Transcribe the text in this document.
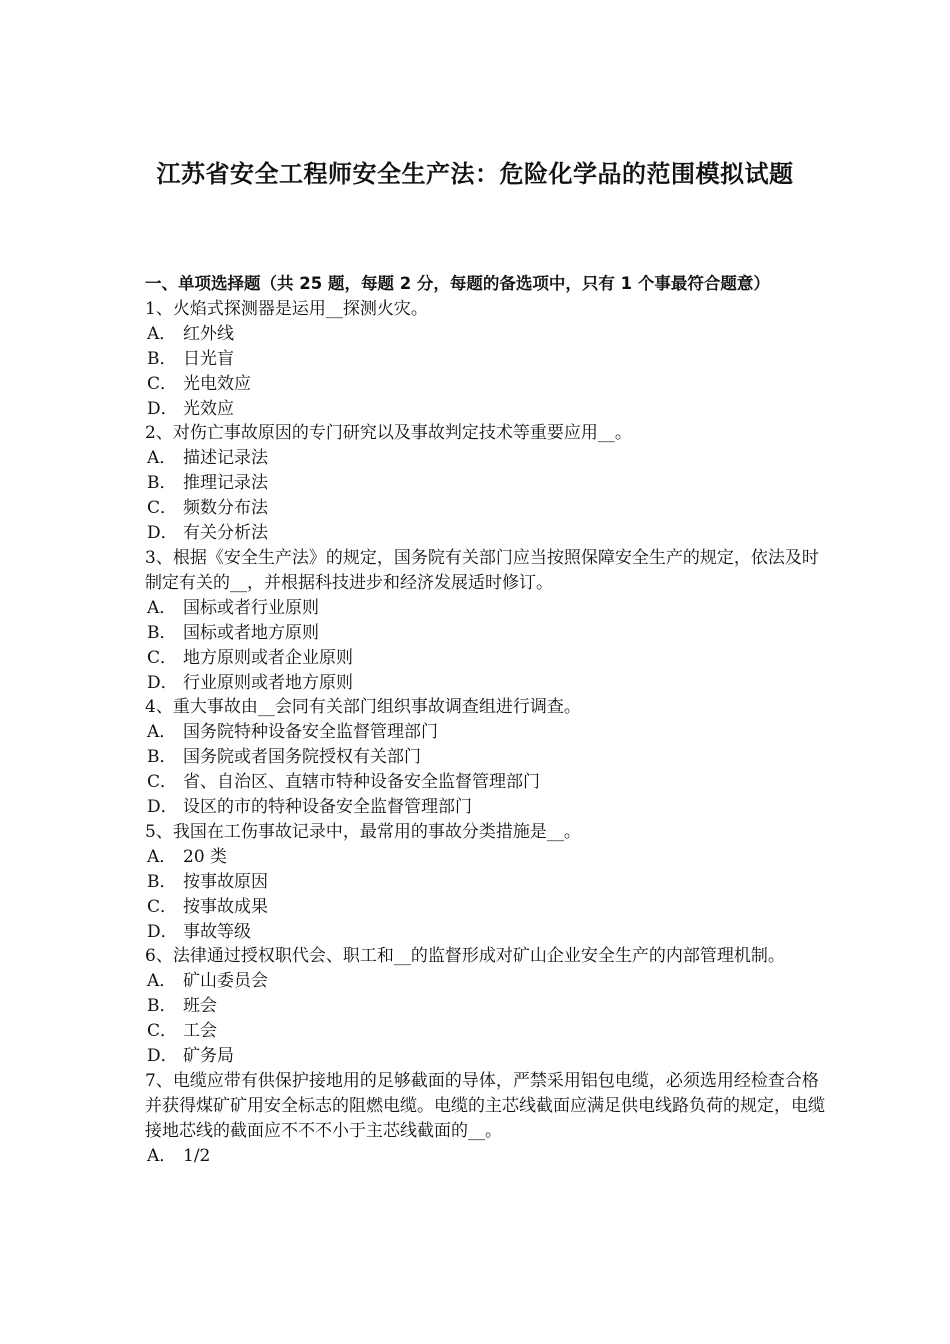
江苏省安全工程师安全生产法：危险化学品的范围模拟试题
一、单项选择题（共 25 题，每题 2 分，每题的备选项中，只有 1 个事最符合题意）

1、火焰式探测器是运用__探测火灾。

A． 红外线

B． 日光盲

C． 光电效应

D． 光效应

2、对伤亡事故原因的专门研究以及事故判定技术等重要应用__。

A． 描述记录法

B． 推理记录法

C． 频数分布法

D． 有关分析法

3、根据《安全生产法》的规定，国务院有关部门应当按照保障安全生产的规定，依法及时制定有关的__，并根据科技进步和经济发展适时修订。

A． 国标或者行业原则

B． 国标或者地方原则

C． 地方原则或者企业原则

D． 行业原则或者地方原则

4、重大事故由__会同有关部门组织事故调查组进行调查。

A． 国务院特种设备安全监督管理部门

B． 国务院或者国务院授权有关部门

C． 省、自治区、直辖市特种设备安全监督管理部门

D． 设区的市的特种设备安全监督管理部门

5、我国在工伤事故记录中，最常用的事故分类措施是__。

A． 20 类

B． 按事故原因

C． 按事故成果

D． 事故等级

6、法律通过授权职代会、职工和__的监督形成对矿山企业安全生产的内部管理机制。

A． 矿山委员会

B． 班会

C． 工会

D． 矿务局

7、电缆应带有供保护接地用的足够截面的导体，严禁采用铝包电缆，必须选用经检查合格并获得煤矿矿用安全标志的阻燃电缆。电缆的主芯线截面应满足供电线路负荷的规定，电缆接地芯线的截面应不不不小于主芯线截面的__。

A． 1/2
